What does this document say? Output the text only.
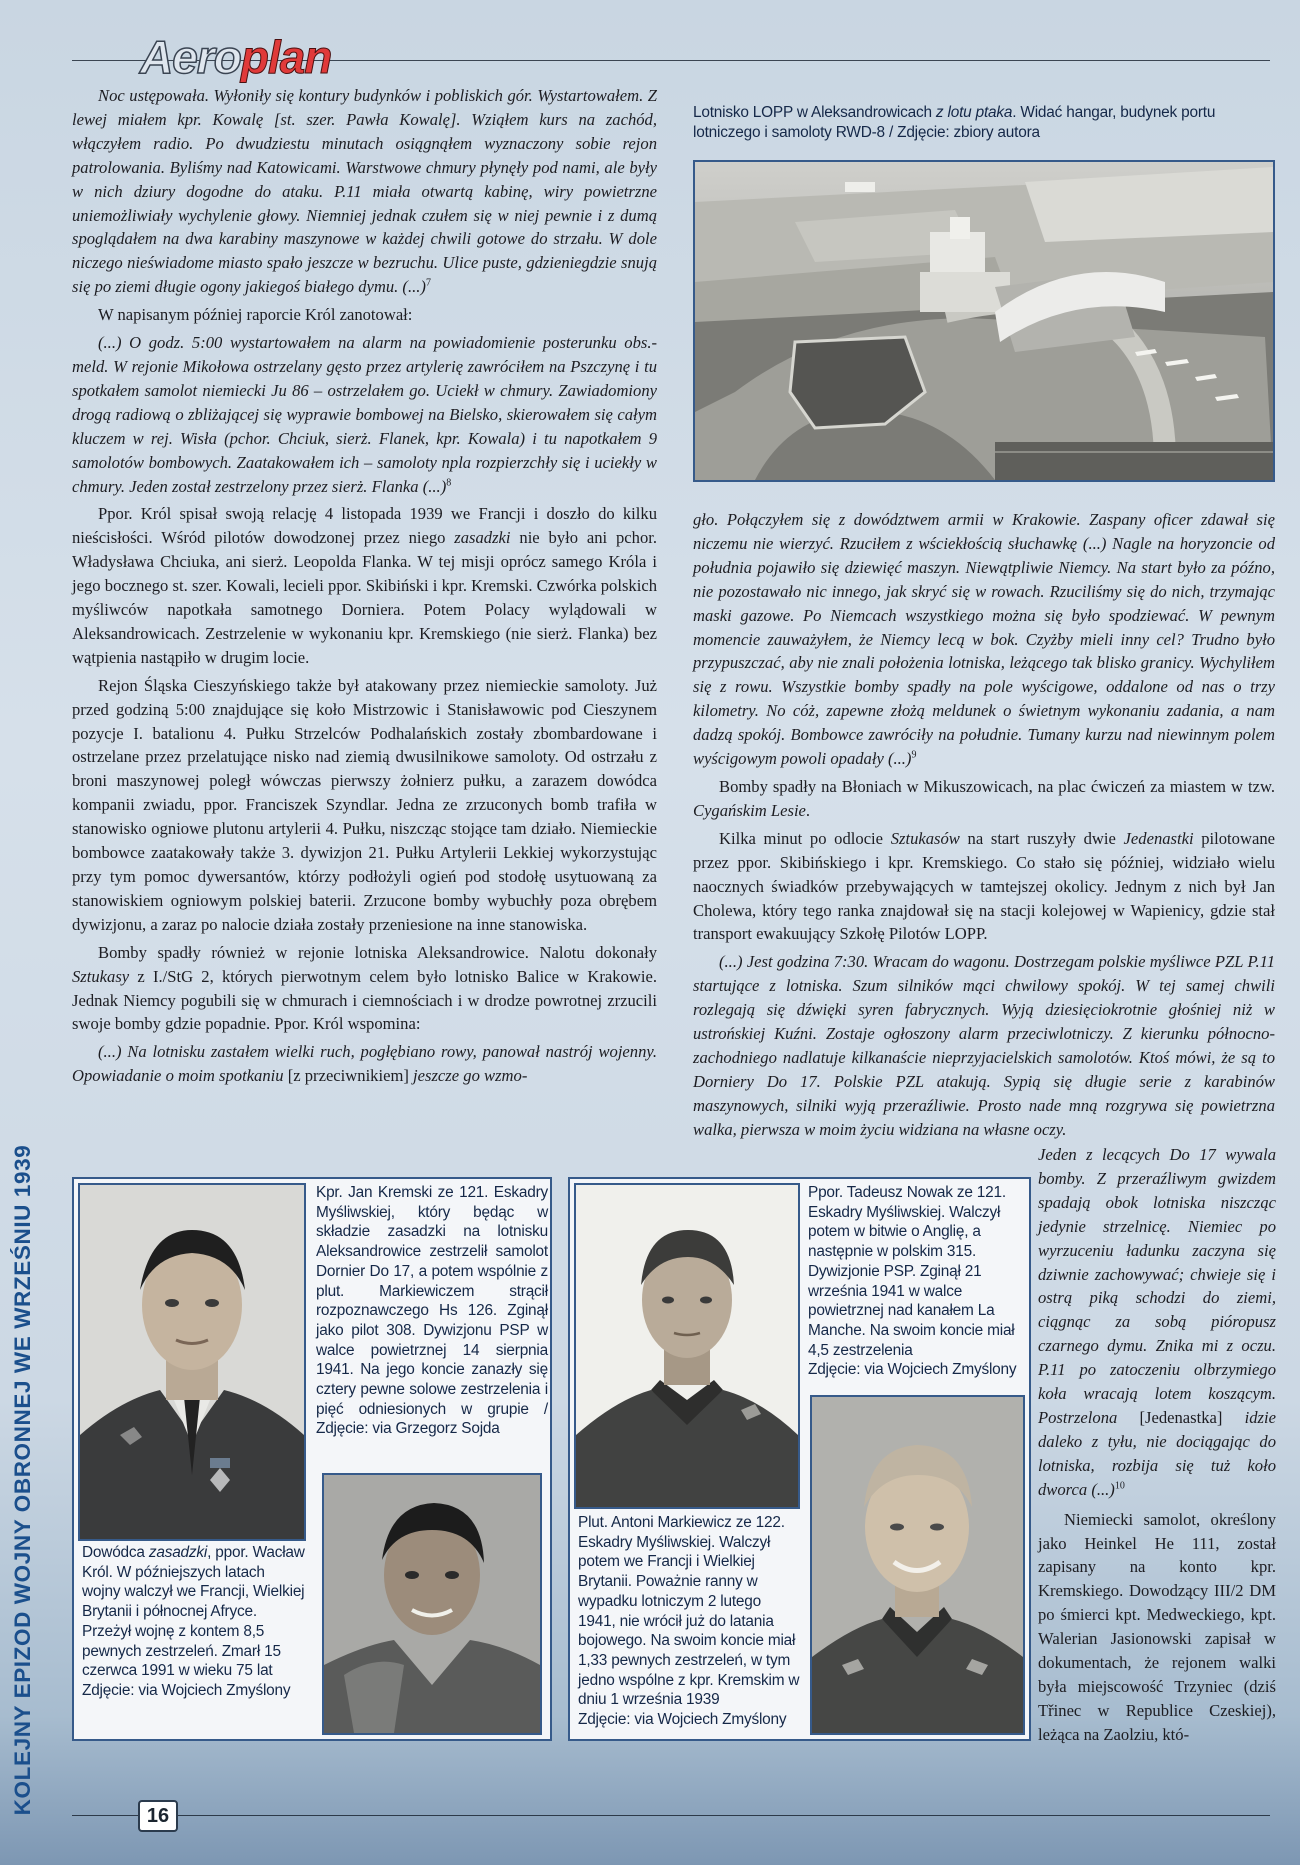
Aeroplan
KOLEJNY EPIZOD WOJNY OBRONNEJ WE WRZEŚNIU 1939

Noc ustępowała. Wyłoniły się kontury budynków i pobliskich gór. Wystartowałem. Z lewej miałem kpr. Kowalę [st. szer. Pawła Kowalę]. Wziąłem kurs na zachód, włączyłem radio. Po dwudziestu minutach osiągnąłem wyznaczony sobie rejon patrolowania. Byliśmy nad Katowicami. Warstwowe chmury płynęły pod nami, ale były w nich dziury dogodne do ataku. P.11 miała otwartą kabinę, wiry powietrzne uniemożliwiały wychylenie głowy. Niemniej jednak czułem się w niej pewnie i z dumą spoglądałem na dwa karabiny maszynowe w każdej chwili gotowe do strzału. W dole niczego nieświadome miasto spało jeszcze w bezruchu. Ulice puste, gdzieniegdzie snują się po ziemi długie ogony jakiegoś białego dymu. (...)$^7$

W napisanym później raporcie Król zanotował:

(...) O godz. 5:00 wystartowałem na alarm na powiadomienie posterunku obs.-meld. W rejonie Mikołowa ostrzelany gęsto przez artylerię zawróciłem na Pszczynę i tu spotkałem samolot niemiecki Ju 86 – ostrzelałem go. Uciekł w chmury. Zawiadomiony drogą radiową o zbliżającej się wyprawie bombowej na Bielsko, skierowałem się całym kluczem w rej. Wisła (pchor. Chciuk, sierż. Flanek, kpr. Kowala) i tu napotkałem 9 samolotów bombowych. Zaatakowałem ich – samoloty npla rozpierzchły się i uciekły w chmury. Jeden został zestrzelony przez sierż. Flanka (...)$^8$

Ppor. Król spisał swoją relację 4 listopada 1939 we Francji i doszło do kilku nieścisłości. Wśród pilotów dowodzonej przez niego zasadzki nie było ani pchor. Władysława Chciuka, ani sierż. Leopolda Flanka. W tej misji oprócz samego Króla i jego bocznego st. szer. Kowali, lecieli ppor. Skibiński i kpr. Kremski. Czwórka polskich myśliwców napotkała samotnego Dorniera. Potem Polacy wylądowali w Aleksandrowicach. Zestrzelenie w wykonaniu kpr. Kremskiego (nie sierż. Flanka) bez wątpienia nastąpiło w drugim locie.

Rejon Śląska Cieszyńskiego także był atakowany przez niemieckie samoloty. Już przed godziną 5:00 znajdujące się koło Mistrzowic i Stanisławowic pod Cieszynem pozycje I. batalionu 4. Pułku Strzelców Podhalańskich zostały zbombardowane i ostrzelane przez przelatujące nisko nad ziemią dwusilnikowe samoloty. Od ostrzału z broni maszynowej poległ wówczas pierwszy żołnierz pułku, a zarazem dowódca kompanii zwiadu, ppor. Franciszek Szyndlar. Jedna ze zrzuconych bomb trafiła w stanowisko ogniowe plutonu artylerii 4. Pułku, niszcząc stojące tam działo. Niemieckie bombowce zaatakowały także 3. dywizjon 21. Pułku Artylerii Lekkiej wykorzystując przy tym pomoc dywersantów, którzy podłożyli ogień pod stodołę usytuowaną za stanowiskiem ogniowym polskiej baterii. Zrzucone bomby wybuchły poza obrębem dywizjonu, a zaraz po nalocie działa zostały przeniesione na inne stanowiska.

Bomby spadły również w rejonie lotniska Aleksandrowice. Nalotu dokonały Sztukasy z I./StG 2, których pierwotnym celem było lotnisko Balice w Krakowie. Jednak Niemcy pogubili się w chmurach i ciemnościach i w drodze powrotnej zrzucili swoje bomby gdzie popadnie. Ppor. Król wspomina:

(...) Na lotnisku zastałem wielki ruch, pogłębiano rowy, panował nastrój wojenny. Opowiadanie o moim spotkaniu [z przeciwnikiem] jeszcze go wzmo-

Lotnisko LOPP w Aleksandrowicach z lotu ptaka. Widać hangar, budynek portu lotniczego i samoloty RWD-8 / Zdjęcie: zbiory autora

gło. Połączyłem się z dowództwem armii w Krakowie. Zaspany oficer zdawał się niczemu nie wierzyć. Rzuciłem z wściekłością słuchawkę (...) Nagle na horyzoncie od południa pojawiło się dziewięć maszyn. Niewątpliwie Niemcy. Na start było za późno, nie pozostawało nic innego, jak skryć się w rowach. Rzuciliśmy się do nich, trzymając maski gazowe. Po Niemcach wszystkiego można się było spodziewać. W pewnym momencie zauważyłem, że Niemcy lecą w bok. Czyżby mieli inny cel? Trudno było przypuszczać, aby nie znali położenia lotniska, leżącego tak blisko granicy. Wychyliłem się z rowu. Wszystkie bomby spadły na pole wyścigowe, oddalone od nas o trzy kilometry. No cóż, zapewne złożą meldunek o świetnym wykonaniu zadania, a nam dadzą spokój. Bombowce zawróciły na południe. Tumany kurzu nad niewinnym polem wyścigowym powoli opadały (...)$^9$

Bomby spadły na Błoniach w Mikuszowicach, na plac ćwiczeń za miastem w tzw. Cygańskim Lesie.

Kilka minut po odlocie Sztukasów na start ruszyły dwie Jedenastki pilotowane przez ppor. Skibińskiego i kpr. Kremskiego. Co stało się później, widziało wielu naocznych świadków przebywających w tamtejszej okolicy. Jednym z nich był Jan Cholewa, który tego ranka znajdował się na stacji kolejowej w Wapienicy, gdzie stał transport ewakuujący Szkołę Pilotów LOPP.

(...) Jest godzina 7:30. Wracam do wagonu. Dostrzegam polskie myśliwce PZL P.11 startujące z lotniska. Szum silników mąci chwilowy spokój. W tej samej chwili rozlegają się dźwięki syren fabrycznych. Wyją dziesięciokrotnie głośniej niż w ustrońskiej Kuźni. Zostaje ogłoszony alarm przeciwlotniczy. Z kierunku północno-zachodniego nadlatuje kilkanaście nieprzyjacielskich samolotów. Ktoś mówi, że są to Dorniery Do 17. Polskie PZL atakują. Sypią się długie serie z karabinów maszynowych, silniki wyją przeraźliwie. Prosto nade mną rozgrywa się powietrzna walka, pierwsza w moim życiu widziana na własne oczy.

Jeden z lecących Do 17 wywala bomby. Z przeraźliwym gwizdem spadają obok lotniska niszcząc jedynie strzelnicę. Niemiec po wyrzuceniu ładunku zaczyna się dziwnie zachowywać; chwieje się i ostrą piką schodzi do ziemi, ciągnąc za sobą pióropusz czarnego dymu. Znika mi z oczu. P.11 po zatoczeniu olbrzymiego koła wracają lotem koszącym. Postrzelona [Jedenastka] idzie daleko z tyłu, nie dociągając do lotniska, rozbija się tuż koło dworca (...)$^{10}$

Niemiecki samolot, określony jako Heinkel He 111, został zapisany na konto kpr. Kremskiego. Dowodzący III/2 DM po śmierci kpt. Medweckiego, kpt. Walerian Jasionowski zapisał w dokumentach, że rejonem walki była miejscowość Trzyniec (dziś Třinec w Republice Czeskiej), leżąca na Zaolziu, któ-

Dowódca zasadzki, ppor. Wacław Król. W późniejszych latach wojny walczył we Francji, Wielkiej Brytanii i północnej Afryce. Przeżył wojnę z kontem 8,5 pewnych zestrzeleń. Zmarł 15 czerwca 1991 w wieku 75 lat
Zdjęcie: via Wojciech Zmyślony
Kpr. Jan Kremski ze 121. Eskadry Myśliwskiej, który będąc w składzie zasadzki na lotnisku Aleksandrowice zestrzelił samolot Dornier Do 17, a potem wspólnie z plut. Markiewiczem strącił rozpoznawczego Hs 126. Zginął jako pilot 308. Dywizjonu PSP w walce powietrznej 14 sierpnia 1941. Na jego koncie zanazły się cztery pewne solowe zestrzelenia i pięć odniesionych w grupie / Zdjęcie: via Grzegorz Sojda
Plut. Antoni Markiewicz ze 122. Eskadry Myśliwskiej. Walczył potem we Francji i Wielkiej Brytanii. Poważnie ranny w wypadku lotniczym 2 lutego 1941, nie wrócił już do latania bojowego. Na swoim koncie miał 1,33 pewnych zestrzeleń, w tym jedno wspólne z kpr. Kremskim w dniu 1 września 1939
Zdjęcie: via Wojciech Zmyślony
Ppor. Tadeusz Nowak ze 121. Eskadry Myśliwskiej. Walczył potem w bitwie o Anglię, a następnie w polskim 315. Dywizjonie PSP. Zginął 21 września 1941 w walce powietrznej nad kanałem La Manche. Na swoim koncie miał 4,5 zestrzelenia
Zdjęcie: via Wojciech Zmyślony
16
